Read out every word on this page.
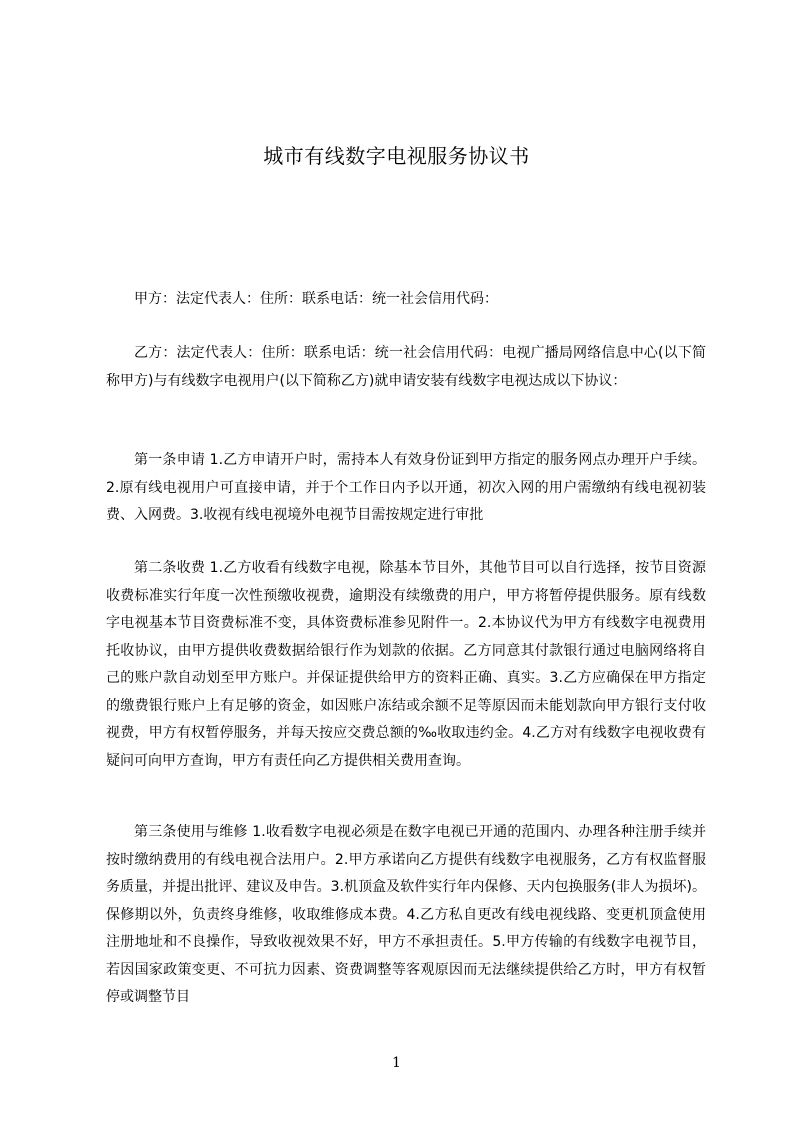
城市有线数字电视服务协议书

甲方：法定代表人：住所：联系电话：统一社会信用代码：

乙方：法定代表人：住所：联系电话：统一社会信用代码：电视广播局网络信息中心(以下简称甲方)与有线数字电视用户(以下简称乙方)就申请安装有线数字电视达成以下协议：

第一条申请 1.乙方申请开户时，需持本人有效身份证到甲方指定的服务网点办理开户手续。2.原有线电视用户可直接申请，并于个工作日内予以开通，初次入网的用户需缴纳有线电视初装费、入网费。3.收视有线电视境外电视节目需按规定进行审批

第二条收费 1.乙方收看有线数字电视，除基本节目外，其他节目可以自行选择，按节目资源收费标准实行年度一次性预缴收视费，逾期没有续缴费的用户，甲方将暂停提供服务。原有线数字电视基本节目资费标准不变，具体资费标准参见附件一。2.本协议代为甲方有线数字电视费用托收协议，由甲方提供收费数据给银行作为划款的依据。乙方同意其付款银行通过电脑网络将自己的账户款自动划至甲方账户。并保证提供给甲方的资料正确、真实。3.乙方应确保在甲方指定的缴费银行账户上有足够的资金，如因账户冻结或余额不足等原因而未能划款向甲方银行支付收视费，甲方有权暂停服务，并每天按应交费总额的‰收取违约金。4.乙方对有线数字电视收费有疑问可向甲方查询，甲方有责任向乙方提供相关费用查询。

第三条使用与维修 1.收看数字电视必须是在数字电视已开通的范围内、办理各种注册手续并按时缴纳费用的有线电视合法用户。2.甲方承诺向乙方提供有线数字电视服务，乙方有权监督服务质量，并提出批评、建议及申告。3.机顶盒及软件实行年内保修、天内包换服务(非人为损坏)。保修期以外，负责终身维修，收取维修成本费。4.乙方私自更改有线电视线路、变更机顶盒使用注册地址和不良操作，导致收视效果不好，甲方不承担责任。5.甲方传输的有线数字电视节目，若因国家政策变更、不可抗力因素、资费调整等客观原因而无法继续提供给乙方时，甲方有权暂停或调整节目

1
